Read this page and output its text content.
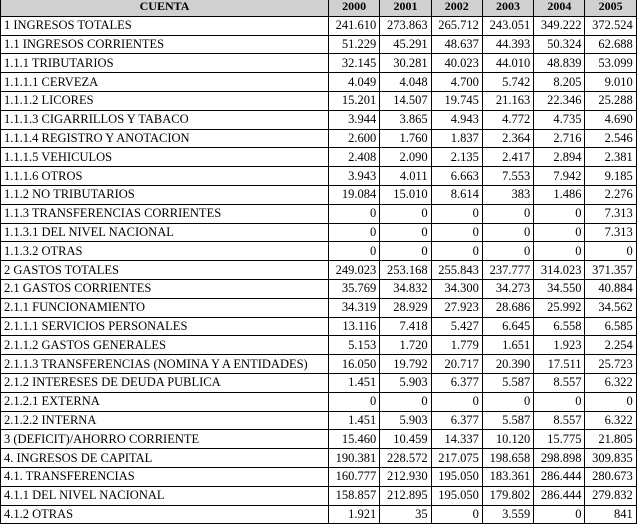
CUENTA	2000	2001	2002	2003	2004	2005
1 INGRESOS TOTALES	241.610	273.863	265.712	243.051	349.222	372.524
1.1 INGRESOS CORRIENTES	51.229	45.291	48.637	44.393	50.324	62.688
1.1.1 TRIBUTARIOS	32.145	30.281	40.023	44.010	48.839	53.099
1.1.1.1 CERVEZA	4.049	4.048	4.700	5.742	8.205	9.010
1.1.1.2 LICORES	15.201	14.507	19.745	21.163	22.346	25.288
1.1.1.3 CIGARRILLOS Y TABACO	3.944	3.865	4.943	4.772	4.735	4.690
1.1.1.4 REGISTRO Y ANOTACION	2.600	1.760	1.837	2.364	2.716	2.546
1.1.1.5 VEHICULOS	2.408	2.090	2.135	2.417	2.894	2.381
1.1.1.6 OTROS	3.943	4.011	6.663	7.553	7.942	9.185
1.1.2 NO TRIBUTARIOS	19.084	15.010	8.614	383	1.486	2.276
1.1.3 TRANSFERENCIAS CORRIENTES	0	0	0	0	0	7.313
1.1.3.1 DEL NIVEL NACIONAL	0	0	0	0	0	7.313
1.1.3.2 OTRAS	0	0	0	0	0	0
2 GASTOS TOTALES	249.023	253.168	255.843	237.777	314.023	371.357
2.1 GASTOS CORRIENTES	35.769	34.832	34.300	34.273	34.550	40.884
2.1.1 FUNCIONAMIENTO	34.319	28.929	27.923	28.686	25.992	34.562
2.1.1.1 SERVICIOS PERSONALES	13.116	7.418	5.427	6.645	6.558	6.585
2.1.1.2 GASTOS GENERALES	5.153	1.720	1.779	1.651	1.923	2.254
2.1.1.3 TRANSFERENCIAS (NOMINA Y A ENTIDADES)	16.050	19.792	20.717	20.390	17.511	25.723
2.1.2 INTERESES DE DEUDA PUBLICA	1.451	5.903	6.377	5.587	8.557	6.322
2.1.2.1 EXTERNA	0	0	0	0	0	0
2.1.2.2 INTERNA	1.451	5.903	6.377	5.587	8.557	6.322
3 (DEFICIT)/AHORRO CORRIENTE	15.460	10.459	14.337	10.120	15.775	21.805
4. INGRESOS DE CAPITAL	190.381	228.572	217.075	198.658	298.898	309.835
4.1. TRANSFERENCIAS	160.777	212.930	195.050	183.361	286.444	280.673
4.1.1 DEL NIVEL NACIONAL	158.857	212.895	195.050	179.802	286.444	279.832
4.1.2 OTRAS	1.921	35	0	3.559	0	841
